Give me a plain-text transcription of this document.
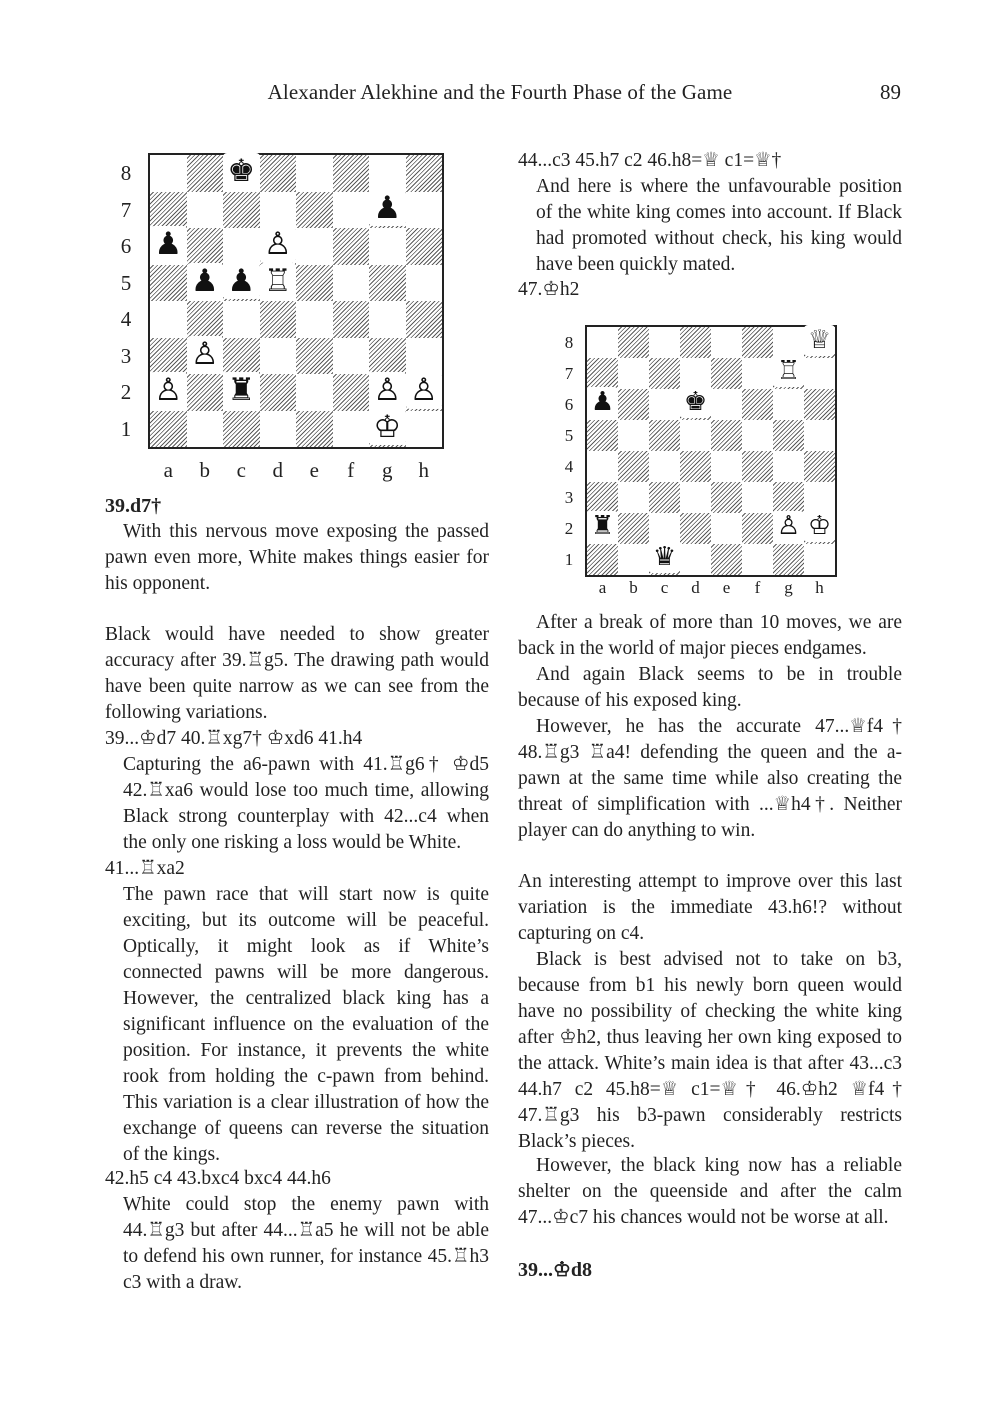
Alexander Alekhine and the Fourth Phase of the Game	89
♚
♟
♟	♙
♟ ♟ ♖
♙
♙ ♜	♙ ♙
♔
8
7
6
5
4
3
2
1
a	b	c	d	e	f	g	h
39.d7†

With this nervous move exposing the passed pawn even more, White makes things easier for his opponent.

Black would have needed to show greater accuracy after 39.♖g5. The drawing path would have been quite narrow as we can see from the following variations.

39...♔d7 40.♖xg7† ♔xd6 41.h4

Capturing the a6-pawn with 41.♖g6† ♔d5 42.♖xa6 would lose too much time, allowing Black strong counterplay with 42...c4 when the only one risking a loss would be White.

41...♖xa2

The pawn race that will start now is quite exciting, but its outcome will be peaceful. Optically, it might look as if White’s connected pawns will be more dangerous. However, the centralized black king has a significant influence on the evaluation of the position. For instance, it prevents the white rook from holding the c-pawn from behind. This variation is a clear illustration of how the exchange of queens can reverse the situation of the kings.

42.h5 c4 43.bxc4 bxc4 44.h6

White could stop the enemy pawn with 44.♖g3 but after 44...♖a5 he will not be able to defend his own runner, for instance 45.♖h3 c3 with a draw.

44...c3 45.h7 c2 46.h8=♕ c1=♕†

And here is where the unfavourable position of the white king comes into account. If Black had promoted without check, his king would have been quickly mated.

47.♔h2

After a break of more than 10 moves, we are back in the world of major pieces endgames.

And again Black seems to be in trouble because of his exposed king.

However, he has the accurate 47...♕f4† 48.♖g3 ♖a4! defending the queen and the a-pawn at the same time while also creating the threat of simplification with ...♕h4†. Neither player can do anything to win.

An interesting attempt to improve over this last variation is the immediate 43.h6!? without capturing on c4.

Black is best advised not to take on b3, because from b1 his newly born queen would have no possibility of checking the white king after ♔h2, thus leaving her own king exposed to the attack. White’s main idea is that after 43...c3 44.h7 c2 45.h8=♕ c1=♕† 46.♔h2 ♕f4† 47.♖g3 his b3-pawn considerably restricts Black’s pieces.

However, the black king now has a reliable shelter on the queenside and after the calm 47...♔c7 his chances would not be worse at all.

39...♔d8
♕
♖
♟	♚
♜	♙ ♔
♛
8
7
6
5
4
3
2
1
a	b	c	d	e	f	g	h
